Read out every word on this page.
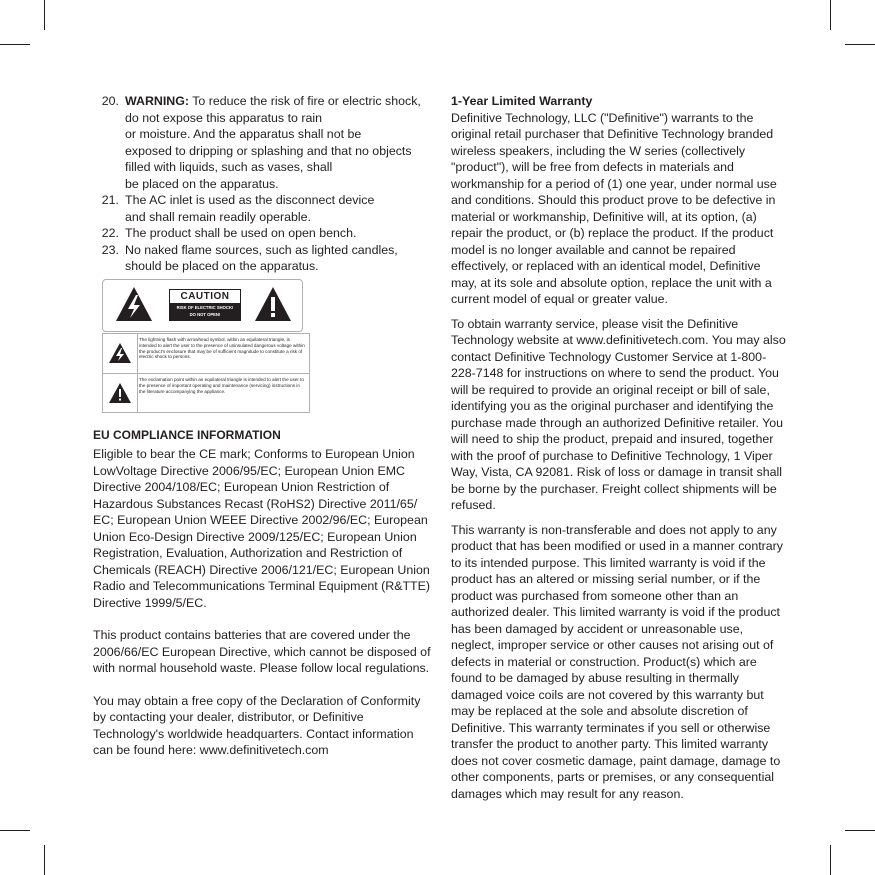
20. WARNING: To reduce the risk of fire or electric shock,
do not expose this apparatus to rain
or moisture. And the apparatus shall not be
exposed to dripping or splashing and that no objects
filled with liquids, such as vases, shall
be placed on the apparatus.
21. The AC inlet is used as the disconnect device
and shall remain readily operable.
22. The product shall be used on open bench.
23. No naked flame sources, such as lighted candles,
should be placed on the apparatus.
CAUTION
RISK OF ELECTRIC SHOCK!
DO NOT OPEN!
The lightning flash with arrowhead symbol, within an equilateral triangle, is intended to alert the user to the presence of uninsulated dangerous voltage within the product's enclosure that may be of sufficient magnitude to constitute a risk of electric shock to persons.
The exclamation point within an equilateral triangle is intended to alert the user to the presence of important operating and maintenance (servicing) instructions in the literature accompanying the appliance.
EU COMPLIANCE INFORMATION

Eligible to bear the CE mark; Conforms to European Union LowVoltage Directive 2006/95/EC; European Union EMC Directive 2004/108/EC; European Union Restriction of Hazardous Substances Recast (RoHS2) Directive 2011/65/ EC; European Union WEEE Directive 2002/96/EC; European Union Eco-Design Directive 2009/125/EC; European Union Registration, Evaluation, Authorization and Restriction of Chemicals (REACH) Directive 2006/121/EC; European Union Radio and Telecommunications Terminal Equipment (R&TTE) Directive 1999/5/EC.

This product contains batteries that are covered under the 2006/66/EC European Directive, which cannot be disposed of with normal household waste. Please follow local regulations.

You may obtain a free copy of the Declaration of Conformity by contacting your dealer, distributor, or Definitive Technology's worldwide headquarters. Contact information can be found here: www.definitivetech.com

1-Year Limited Warranty

Definitive Technology, LLC ("Definitive") warrants to the original retail purchaser that Definitive Technology branded wireless speakers, including the W series (collectively "product"), will be free from defects in materials and workmanship for a period of (1) one year, under normal use and conditions. Should this product prove to be defective in material or workmanship, Definitive will, at its option, (a) repair the product, or (b) replace the product. If the product model is no longer available and cannot be repaired effectively, or replaced with an identical model, Definitive may, at its sole and absolute option, replace the unit with a current model of equal or greater value.

To obtain warranty service, please visit the Definitive Technology website at www.definitivetech.com. You may also contact Definitive Technology Customer Service at 1-800-228-7148 for instructions on where to send the product. You will be required to provide an original receipt or bill of sale, identifying you as the original purchaser and identifying the purchase made through an authorized Definitive retailer. You will need to ship the product, prepaid and insured, together with the proof of purchase to Definitive Technology, 1 Viper Way, Vista, CA 92081. Risk of loss or damage in transit shall be borne by the purchaser. Freight collect shipments will be refused.

This warranty is non-transferable and does not apply to any product that has been modified or used in a manner contrary to its intended purpose. This limited warranty is void if the product has an altered or missing serial number, or if the product was purchased from someone other than an authorized dealer. This limited warranty is void if the product has been damaged by accident or unreasonable use, neglect, improper service or other causes not arising out of defects in material or construction. Product(s) which are found to be damaged by abuse resulting in thermally damaged voice coils are not covered by this warranty but may be replaced at the sole and absolute discretion of Definitive. This warranty terminates if you sell or otherwise transfer the product to another party. This limited warranty does not cover cosmetic damage, paint damage, damage to other components, parts or premises, or any consequential damages which may result for any reason.
